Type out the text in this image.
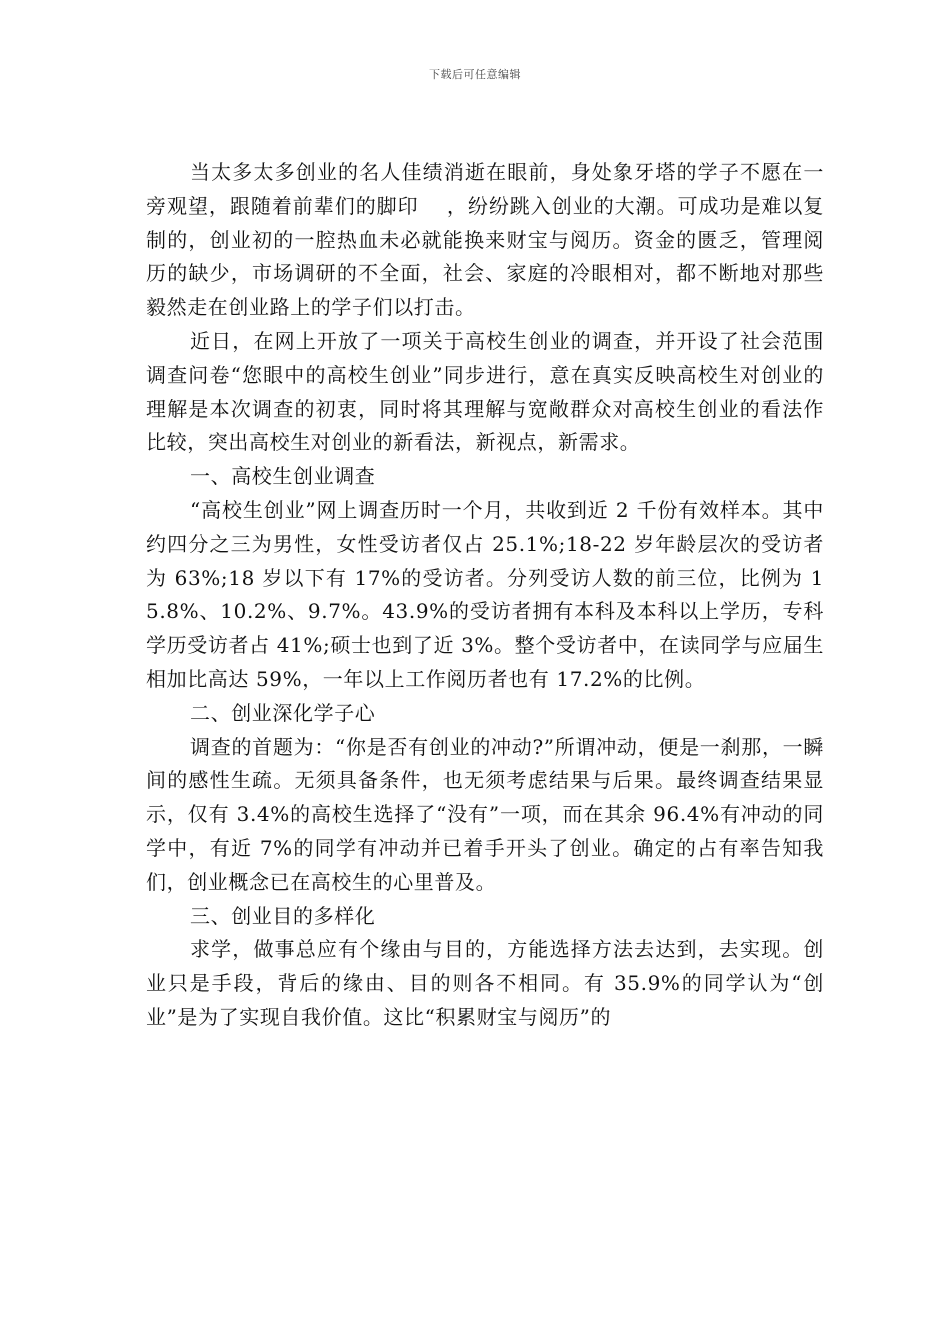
下载后可任意编辑

当太多太多创业的名人佳绩消逝在眼前，身处象牙塔的学子不愿在一旁观望，跟随着前辈们的脚印　 ，纷纷跳入创业的大潮。可成功是难以复制的，创业初的一腔热血未必就能换来财宝与阅历。资金的匮乏，管理阅历的缺少，市场调研的不全面，社会、家庭的冷眼相对，都不断地对那些毅然走在创业路上的学子们以打击。

近日，在网上开放了一项关于高校生创业的调查，并开设了社会范围调查问卷“您眼中的高校生创业”同步进行，意在真实反映高校生对创业的理解是本次调查的初衷，同时将其理解与宽敞群众对高校生创业的看法作比较，突出高校生对创业的新看法，新视点，新需求。

一、高校生创业调查

“高校生创业”网上调查历时一个月，共收到近 2 千份有效样本。其中约四分之三为男性，女性受访者仅占 25.1%;18-22 岁年龄层次的受访者为 63%;18 岁以下有 17%的受访者。分列受访人数的前三位，比例为 15.8%、10.2%、9.7%。43.9%的受访者拥有本科及本科以上学历，专科学历受访者占 41%;硕士也到了近 3%。整个受访者中，在读同学与应届生相加比高达 59%，一年以上工作阅历者也有 17.2%的比例。

二、创业深化学子心

调查的首题为：“你是否有创业的冲动?”所谓冲动，便是一刹那，一瞬间的感性生疏。无须具备条件，也无须考虑结果与后果。最终调查结果显示，仅有 3.4%的高校生选择了“没有”一项，而在其余 96.4%有冲动的同学中，有近 7%的同学有冲动并已着手开头了创业。确定的占有率告知我们，创业概念已在高校生的心里普及。

三、创业目的多样化

求学，做事总应有个缘由与目的，方能选择方法去达到，去实现。创业只是手段，背后的缘由、目的则各不相同。有 35.9%的同学认为“创业”是为了实现自我价值。这比“积累财宝与阅历”的
